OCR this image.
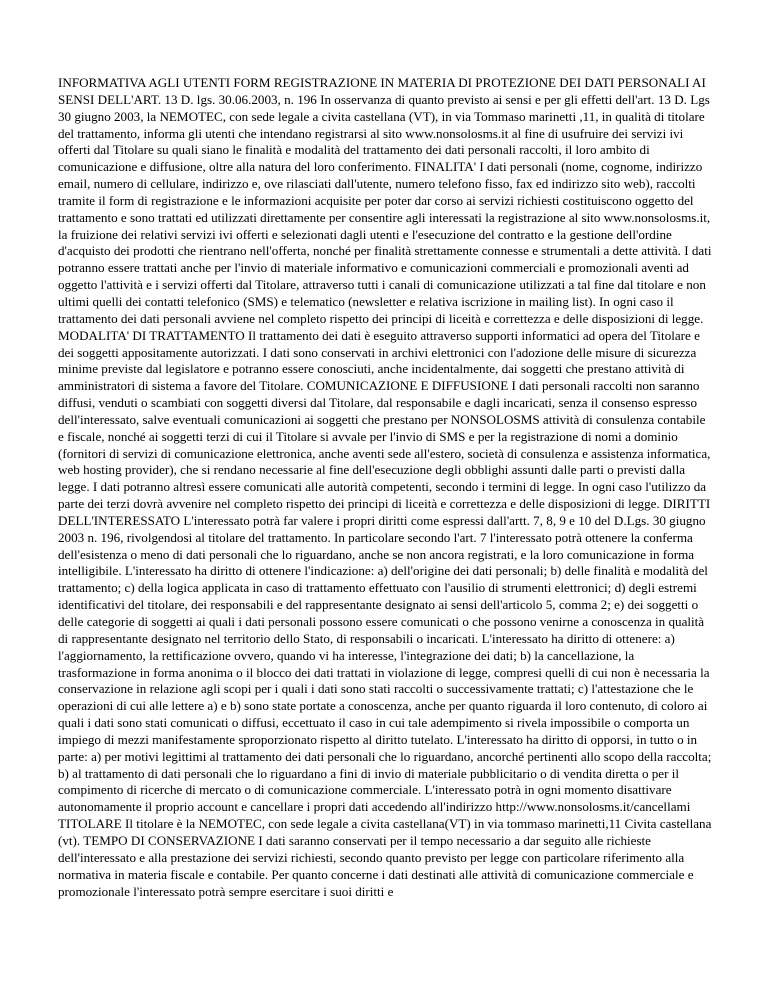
INFORMATIVA AGLI UTENTI FORM REGISTRAZIONE IN MATERIA DI PROTEZIONE DEI DATI PERSONALI AI SENSI DELL'ART. 13 D. lgs. 30.06.2003, n. 196 In osservanza di quanto previsto ai sensi e per gli effetti dell'art. 13 D. Lgs 30 giugno 2003, la NEMOTEC, con sede legale a civita castellana (VT), in via Tommaso marinetti ,11, in qualità di titolare del trattamento, informa gli utenti che intendano registrarsi al sito www.nonsolosms.it al fine di usufruire dei servizi ivi offerti dal Titolare su quali siano le finalità e modalità del trattamento dei dati personali raccolti, il loro ambito di comunicazione e diffusione, oltre alla natura del loro conferimento. FINALITA' I dati personali (nome, cognome, indirizzo email, numero di cellulare, indirizzo e, ove rilasciati dall'utente, numero telefono fisso, fax ed indirizzo sito web), raccolti tramite il form di registrazione e le informazioni acquisite per poter dar corso ai servizi richiesti costituiscono oggetto del trattamento e sono trattati ed utilizzati direttamente per consentire agli interessati la registrazione al sito www.nonsolosms.it, la fruizione dei relativi servizi ivi offerti e selezionati dagli utenti e l'esecuzione del contratto e la gestione dell'ordine d'acquisto dei prodotti che rientrano nell'offerta, nonché per finalità strettamente connesse e strumentali a dette attività. I dati potranno essere trattati anche per l'invio di materiale informativo e comunicazioni commerciali e promozionali aventi ad oggetto l'attività e i servizi offerti dal Titolare, attraverso tutti i canali di comunicazione utilizzati a tal fine dal titolare e non ultimi quelli dei contatti telefonico (SMS) e telematico (newsletter e relativa iscrizione in mailing list). In ogni caso il trattamento dei dati personali avviene nel completo rispetto dei principi di liceità e correttezza e delle disposizioni di legge. MODALITA' DI TRATTAMENTO Il trattamento dei dati è eseguito attraverso supporti informatici ad opera del Titolare e dei soggetti appositamente autorizzati. I dati sono conservati in archivi elettronici con l'adozione delle misure di sicurezza minime previste dal legislatore e potranno essere conosciuti, anche incidentalmente, dai soggetti che prestano attività di amministratori di sistema a favore del Titolare. COMUNICAZIONE E DIFFUSIONE I dati personali raccolti non saranno diffusi, venduti o scambiati con soggetti diversi dal Titolare, dal responsabile e dagli incaricati, senza il consenso espresso dell'interessato, salve eventuali comunicazioni ai soggetti che prestano per NONSOLOSMS attività di consulenza contabile e fiscale, nonché ai soggetti terzi di cui il Titolare si avvale per l'invio di SMS e per la registrazione di nomi a dominio (fornitori di servizi di comunicazione elettronica, anche aventi sede all'estero, società di consulenza e assistenza informatica, web hosting provider), che si rendano necessarie al fine dell'esecuzione degli obblighi assunti dalle parti o previsti dalla legge. I dati potranno altresì essere comunicati alle autorità competenti, secondo i termini di legge. In ogni caso l'utilizzo da parte dei terzi dovrà avvenire nel completo rispetto dei principi di liceità e correttezza e delle disposizioni di legge. DIRITTI DELL'INTERESSATO L'interessato potrà far valere i propri diritti come espressi dall'artt. 7, 8, 9 e 10 del D.Lgs. 30 giugno 2003 n. 196, rivolgendosi al titolare del trattamento. In particolare secondo l'art. 7 l'interessato potrà ottenere la conferma dell'esistenza o meno di dati personali che lo riguardano, anche se non ancora registrati, e la loro comunicazione in forma intelligibile. L'interessato ha diritto di ottenere l'indicazione: a) dell'origine dei dati personali; b) delle finalità e modalità del trattamento; c) della logica applicata in caso di trattamento effettuato con l'ausilio di strumenti elettronici; d) degli estremi identificativi del titolare, dei responsabili e del rappresentante designato ai sensi dell'articolo 5, comma 2; e) dei soggetti o delle categorie di soggetti ai quali i dati personali possono essere comunicati o che possono venirne a conoscenza in qualità di rappresentante designato nel territorio dello Stato, di responsabili o incaricati. L'interessato ha diritto di ottenere: a) l'aggiornamento, la rettificazione ovvero, quando vi ha interesse, l'integrazione dei dati; b) la cancellazione, la trasformazione in forma anonima o il blocco dei dati trattati in violazione di legge, compresi quelli di cui non è necessaria la conservazione in relazione agli scopi per i quali i dati sono stati raccolti o successivamente trattati; c) l'attestazione che le operazioni di cui alle lettere a) e b) sono state portate a conoscenza, anche per quanto riguarda il loro contenuto, di coloro ai quali i dati sono stati comunicati o diffusi, eccettuato il caso in cui tale adempimento si rivela impossibile o comporta un impiego di mezzi manifestamente sproporzionato rispetto al diritto tutelato. L'interessato ha diritto di opporsi, in tutto o in parte: a) per motivi legittimi al trattamento dei dati personali che lo riguardano, ancorché pertinenti allo scopo della raccolta; b) al trattamento di dati personali che lo riguardano a fini di invio di materiale pubblicitario o di vendita diretta o per il compimento di ricerche di mercato o di comunicazione commerciale. L'interessato potrà in ogni momento disattivare autonomamente il proprio account e cancellare i propri dati accedendo all'indirizzo http://www.nonsolosms.it/cancellami TITOLARE Il titolare è la NEMOTEC, con sede legale a civita castellana(VT) in via tommaso marinetti,11 Civita castellana (vt). TEMPO DI CONSERVAZIONE I dati saranno conservati per il tempo necessario a dar seguito alle richieste dell'interessato e alla prestazione dei servizi richiesti, secondo quanto previsto per legge con particolare riferimento alla normativa in materia fiscale e contabile. Per quanto concerne i dati destinati alle attività di comunicazione commerciale e promozionale l'interessato potrà sempre esercitare i suoi diritti e
